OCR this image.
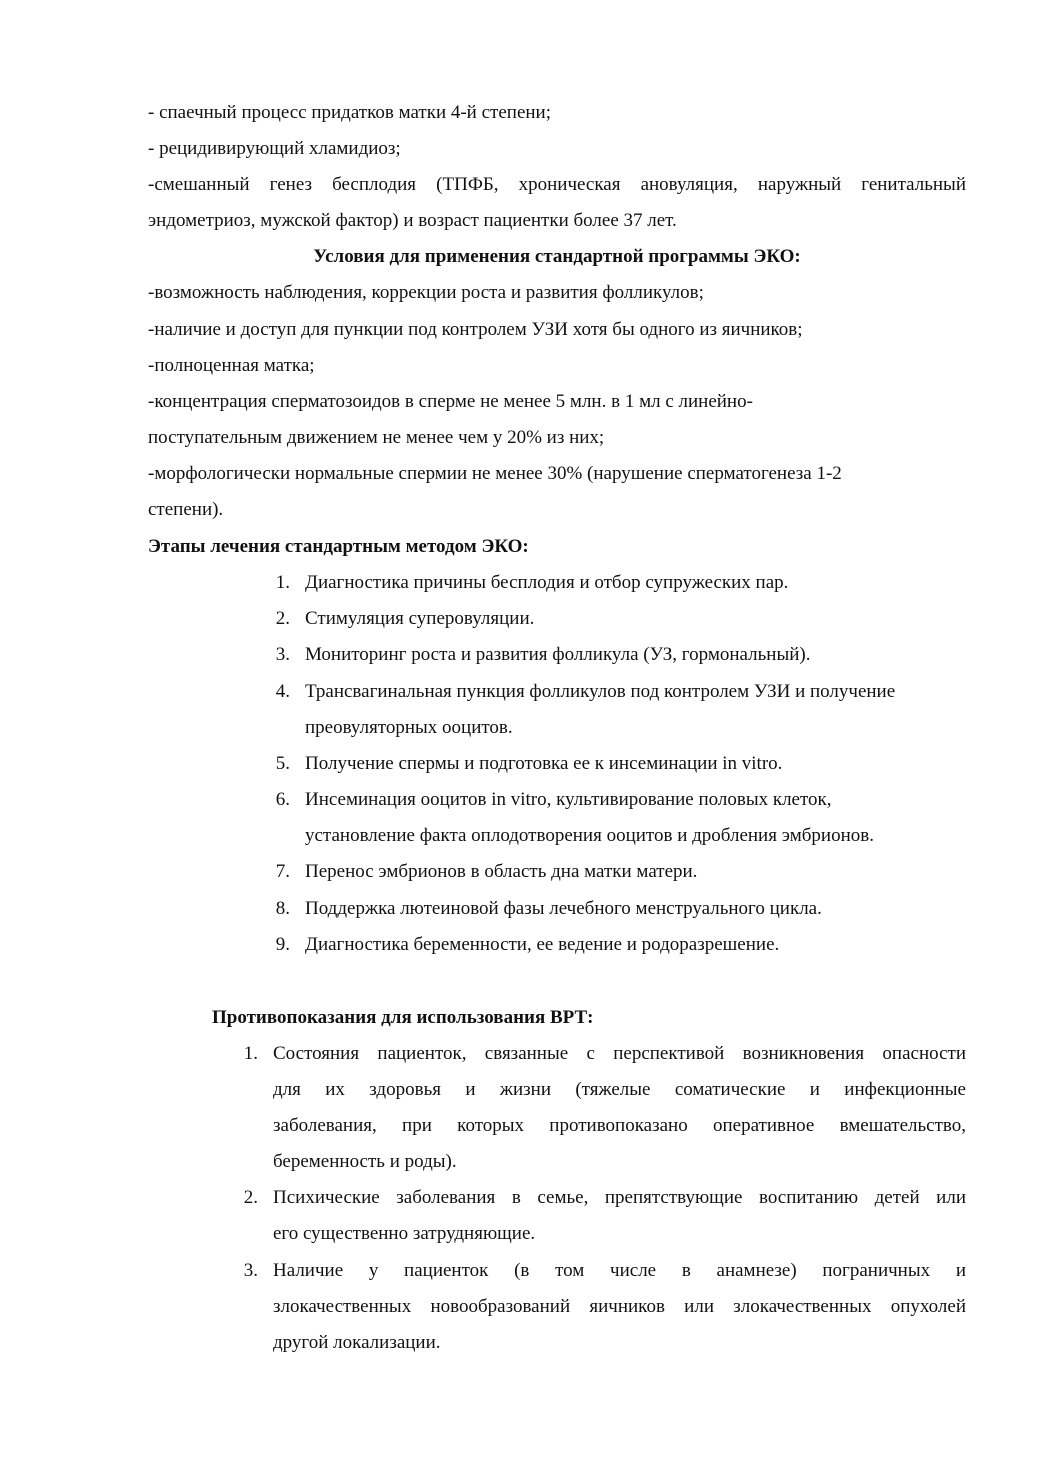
- спаечный процесс придатков матки 4-й степени;
- рецидивирующий хламидиоз;
-смешанный генез бесплодия (ТПФБ, хроническая ановуляция, наружный генитальный
эндометриоз, мужской фактор) и возраст пациентки более 37 лет.
Условия для применения стандартной программы ЭКО:
-возможность наблюдения, коррекции роста и развития фолликулов;
-наличие и доступ для пункции под контролем УЗИ хотя бы одного из яичников;
-полноценная матка;
-концентрация сперматозоидов в сперме не менее 5 млн. в 1 мл с линейно-
поступательным движением не менее чем у 20% из них;
-морфологически нормальные спермии не менее 30% (нарушение сперматогенеза 1-2
степени).
Этапы лечения стандартным методом ЭКО:
1. Диагностика причины бесплодия и отбор супружеских пар.
2. Стимуляция суперовуляции.
3. Мониторинг роста и развития фолликула (УЗ, гормональный).
4. Трансвагинальная пункция фолликулов под контролем УЗИ и получение
преовуляторных ооцитов.
5. Получение спермы и подготовка ее к инсеминации in vitro.
6. Инсеминация ооцитов in vitro, культивирование половых клеток,
установление факта оплодотворения ооцитов и дробления эмбрионов.
7. Перенос эмбрионов в область дна матки матери.
8. Поддержка лютеиновой фазы лечебного менструального цикла.
9. Диагностика беременности, ее ведение и родоразрешение.
Противопоказания для использования ВРТ:
1. Состояния пациенток, связанные с перспективой возникновения опасности
для их здоровья и жизни (тяжелые соматические и инфекционные
заболевания, при которых противопоказано оперативное вмешательство,
беременность и роды).
2. Психические заболевания в семье, препятствующие воспитанию детей или
его существенно затрудняющие.
3. Наличие у пациенток (в том числе в анамнезе) пограничных и
злокачественных новообразований яичников или злокачественных опухолей
другой локализации.
